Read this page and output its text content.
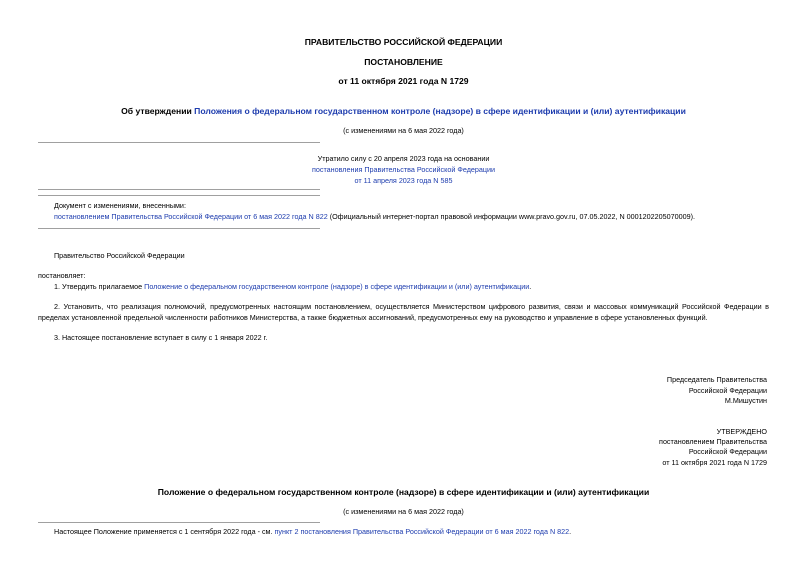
ПРАВИТЕЛЬСТВО РОССИЙСКОЙ ФЕДЕРАЦИИ
ПОСТАНОВЛЕНИЕ
от 11 октября 2021 года N 1729
Об утверждении Положения о федеральном государственном контроле (надзоре) в сфере идентификации и (или) аутентификации
(с изменениями на 6 мая 2022 года)
Утратило силу с 20 апреля 2023 года на основании
постановления Правительства Российской Федерации
от 11 апреля 2023 года N 585
Документ с изменениями, внесенными:
постановлением Правительства Российской Федерации от 6 мая 2022 года N 822 (Официальный интернет-портал правовой информации www.pravo.gov.ru, 07.05.2022, N 0001202205070009).
Правительство Российской Федерации
постановляет:
1. Утвердить прилагаемое Положение о федеральном государственном контроле (надзоре) в сфере идентификации и (или) аутентификации.
2. Установить, что реализация полномочий, предусмотренных настоящим постановлением, осуществляется Министерством цифрового развития, связи и массовых коммуникаций Российской Федерации в
пределах установленной предельной численности работников Министерства, а также бюджетных ассигнований, предусмотренных ему на руководство и управление в сфере установленных функций.
3. Настоящее постановление вступает в силу с 1 января 2022 г.
Председатель Правительства
Российской Федерации
М.Мишустин
УТВЕРЖДЕНО
постановлением Правительства
Российской Федерации
от 11 октября 2021 года N 1729
Положение о федеральном государственном контроле (надзоре) в сфере идентификации и (или) аутентификации
(с изменениями на 6 мая 2022 года)
Настоящее Положение применяется с 1 сентября 2022 года - см. пункт 2 постановления Правительства Российской Федерации от 6 мая 2022 года N 822.
